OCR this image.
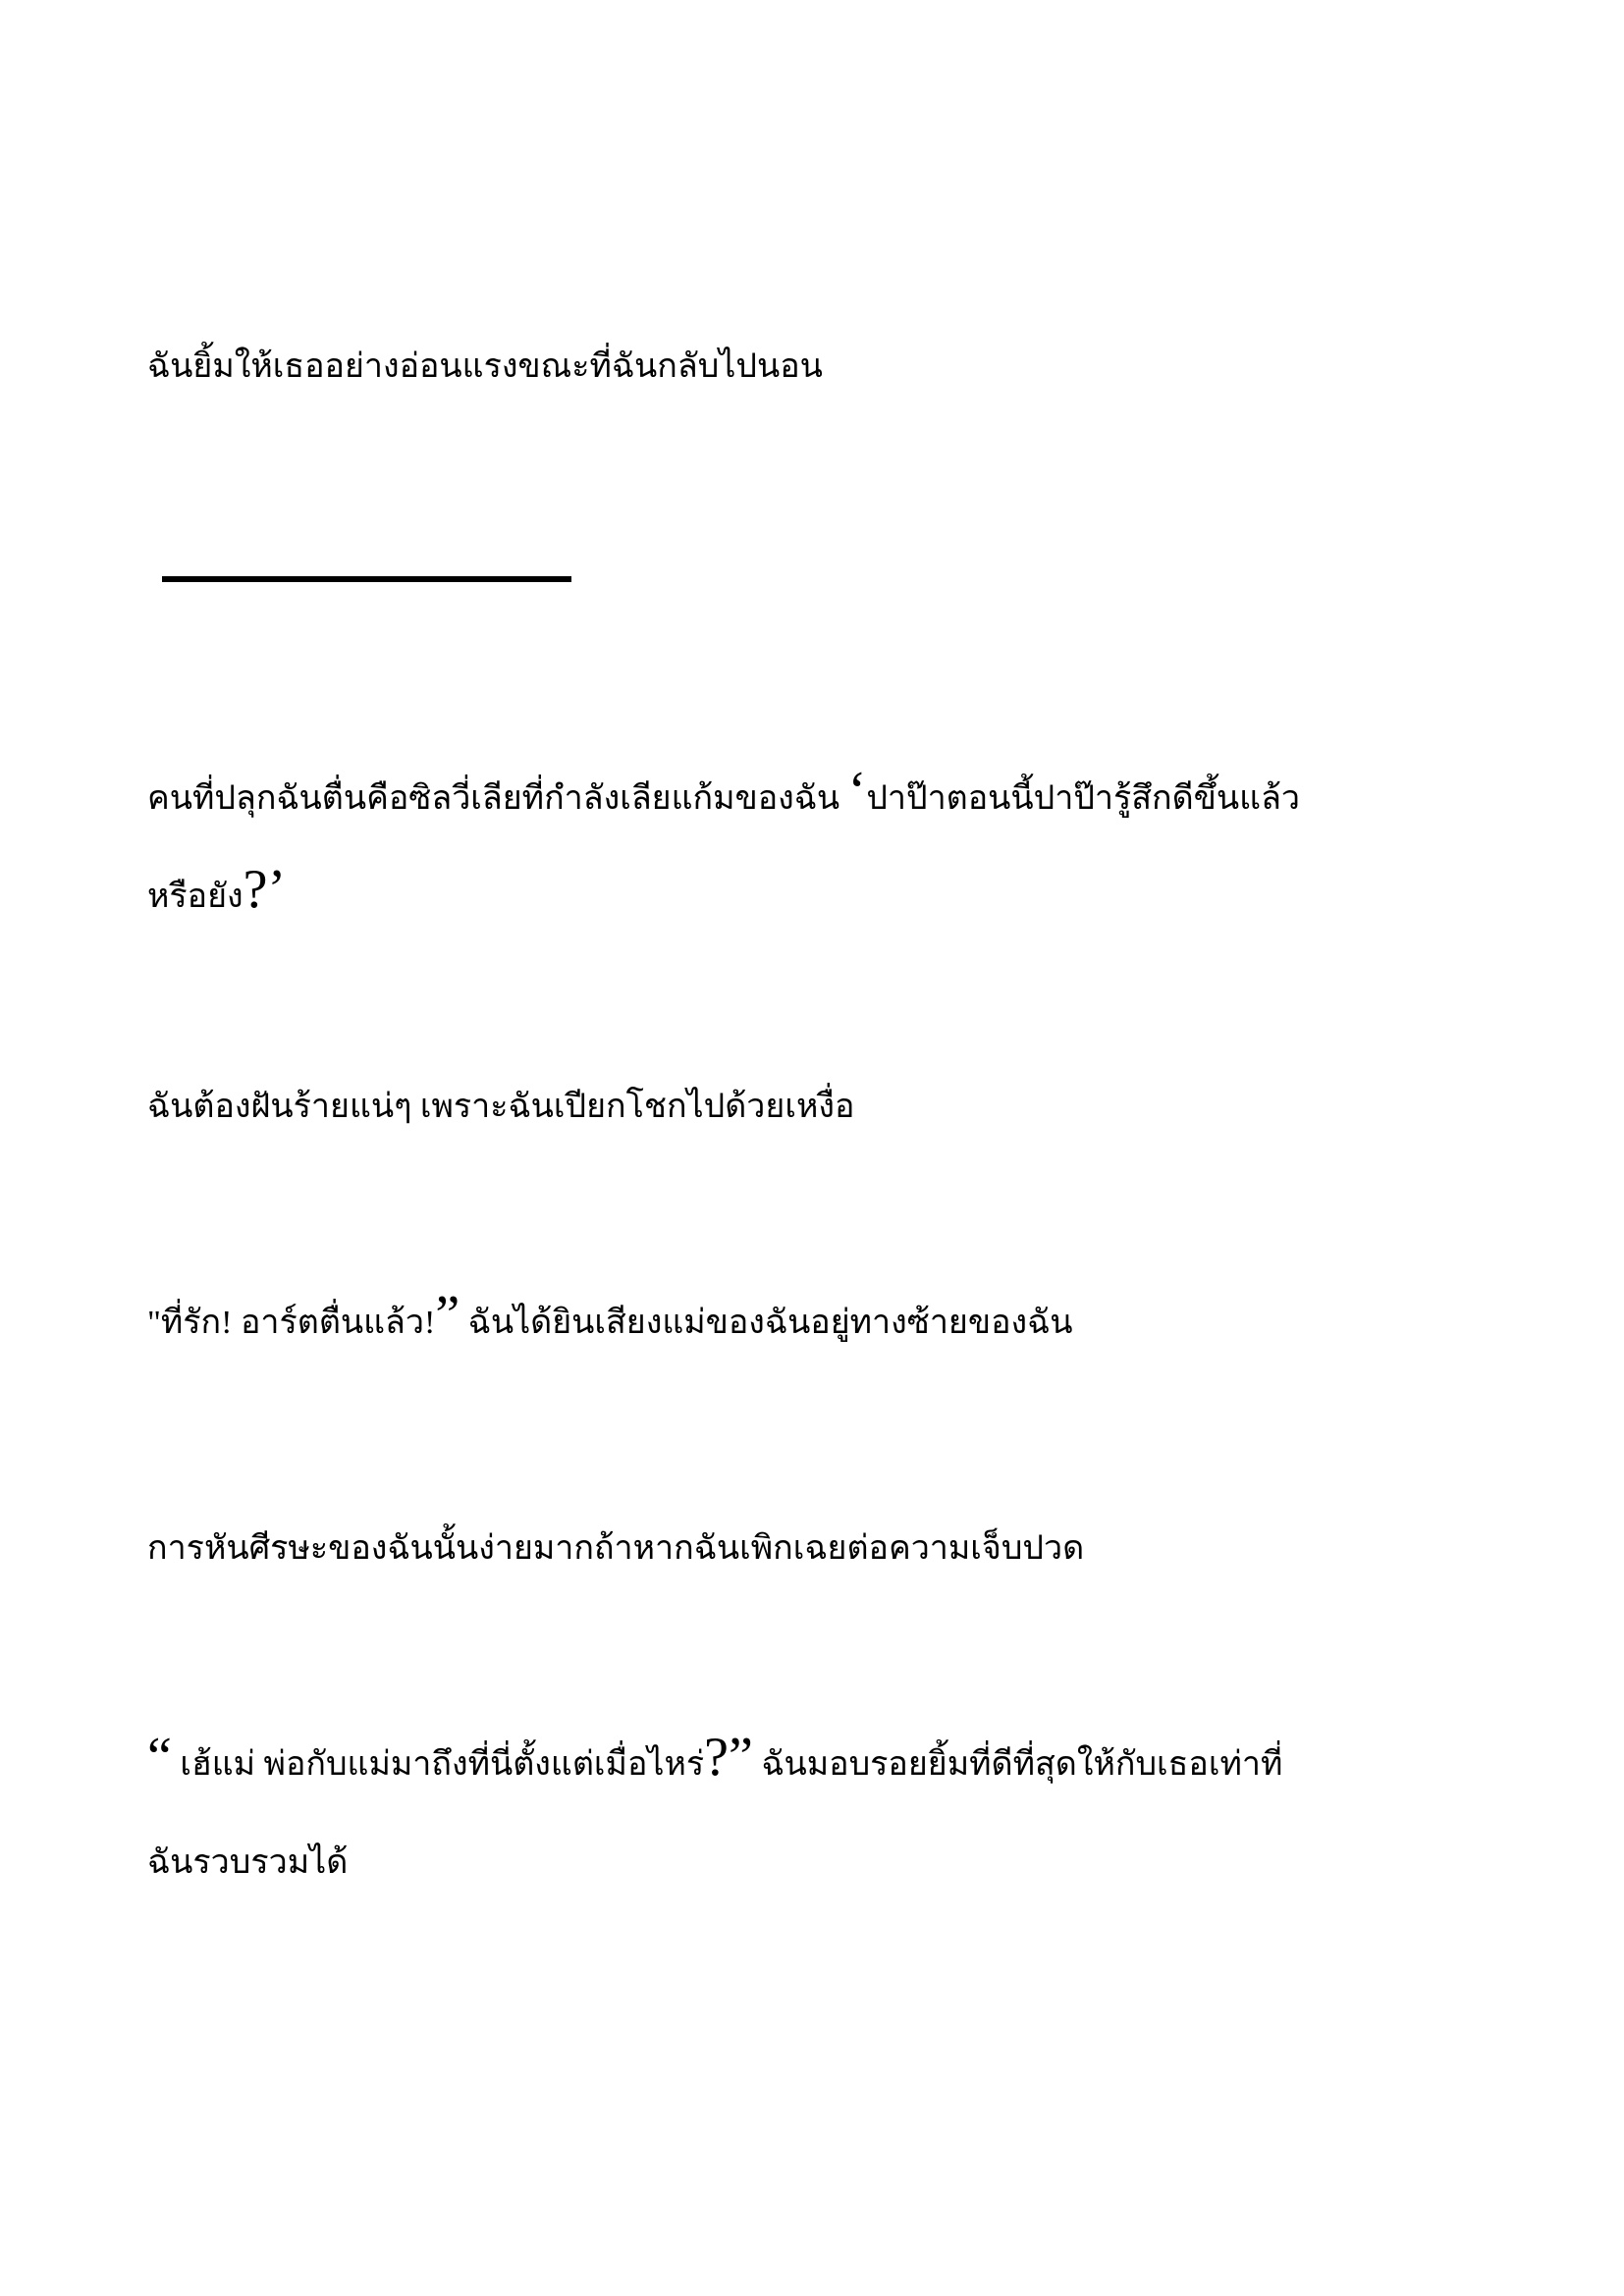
ฉันยิ้มให้เธออย่างอ่อนแรงขณะที่ฉันกลับไปนอน

คนที่ปลุกฉันตื่นคือซิลวี่เลียที่กำลังเลียแก้มของฉัน ‘ปาป๊าตอนนี้ปาป๊ารู้สึกดีขึ้นแล้ว
หรือยัง?’

ฉันต้องฝันร้ายแน่ๆ เพราะฉันเปียกโชกไปด้วยเหงื่อ

"ที่รัก! อาร์ตตื่นแล้ว!” ฉันได้ยินเสียงแม่ของฉันอยู่ทางซ้ายของฉัน

การหันศีรษะของฉันนั้นง่ายมากถ้าหากฉันเพิกเฉยต่อความเจ็บปวด

“ เฮ้แม่ พ่อกับแม่มาถึงที่นี่ตั้งแต่เมื่อไหร่?” ฉันมอบรอยยิ้มที่ดีที่สุดให้กับเธอเท่าที่
ฉันรวบรวมได้
